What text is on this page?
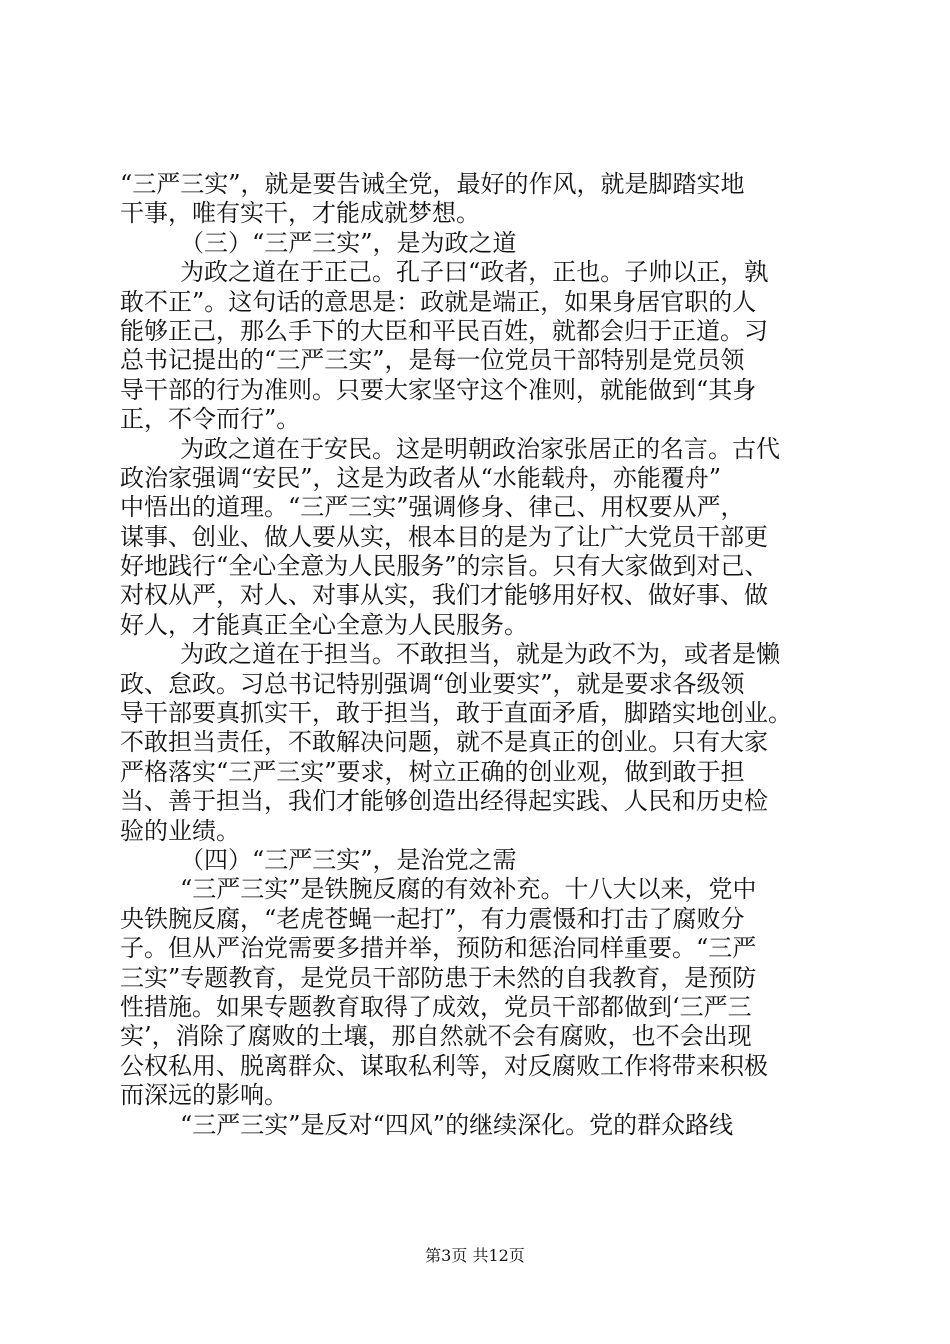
“三严三实”，就是要告诫全党，最好的作风，就是脚踏实地
干事，唯有实干，才能成就梦想。
（三）“三严三实”，是为政之道
为政之道在于正己。孔子曰“政者，正也。子帅以正，孰
敢不正”。这句话的意思是：政就是端正，如果身居官职的人
能够正己，那么手下的大臣和平民百姓，就都会归于正道。习
总书记提出的“三严三实”，是每一位党员干部特别是党员领
导干部的行为准则。只要大家坚守这个准则，就能做到“其身
正，不令而行”。
为政之道在于安民。这是明朝政治家张居正的名言。古代
政治家强调“安民”，这是为政者从“水能载舟，亦能覆舟”
中悟出的道理。“三严三实”强调修身、律己、用权要从严，
谋事、创业、做人要从实，根本目的是为了让广大党员干部更
好地践行“全心全意为人民服务”的宗旨。只有大家做到对己、
对权从严，对人、对事从实，我们才能够用好权、做好事、做
好人，才能真正全心全意为人民服务。
为政之道在于担当。不敢担当，就是为政不为，或者是懒
政、怠政。习总书记特别强调“创业要实”，就是要求各级领
导干部要真抓实干，敢于担当，敢于直面矛盾，脚踏实地创业。
不敢担当责任，不敢解决问题，就不是真正的创业。只有大家
严格落实“三严三实”要求，树立正确的创业观，做到敢于担
当、善于担当，我们才能够创造出经得起实践、人民和历史检
验的业绩。
（四）“三严三实”，是治党之需
“三严三实”是铁腕反腐的有效补充。十八大以来，党中
央铁腕反腐，“老虎苍蝇一起打”，有力震慑和打击了腐败分
子。但从严治党需要多措并举，预防和惩治同样重要。“三严
三实”专题教育，是党员干部防患于未然的自我教育，是预防
性措施。如果专题教育取得了成效，党员干部都做到‘三严三
实’，消除了腐败的土壤，那自然就不会有腐败，也不会出现
公权私用、脱离群众、谋取私利等，对反腐败工作将带来积极
而深远的影响。
“三严三实”是反对“四风”的继续深化。党的群众路线
第3页 共12页
